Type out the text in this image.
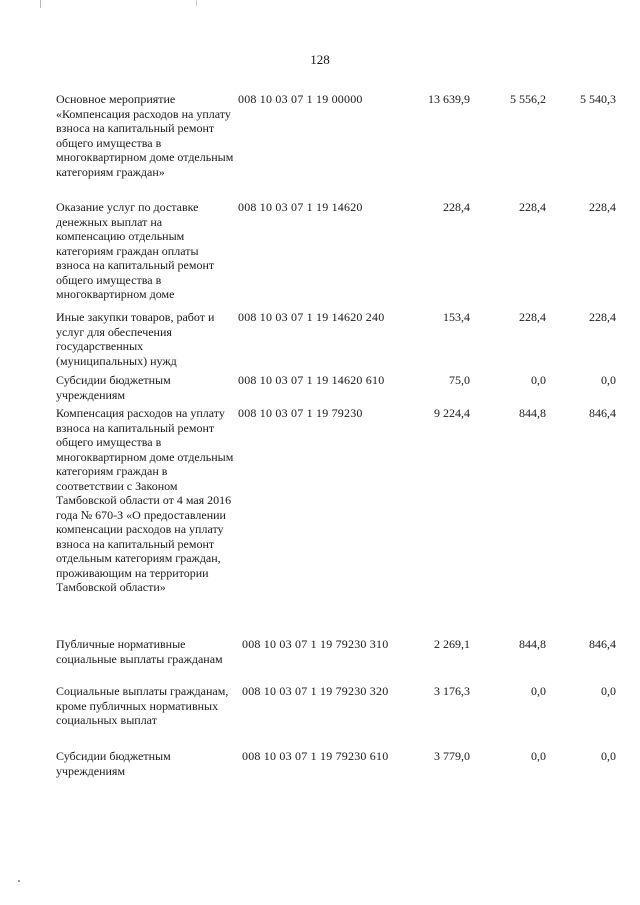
128
Основное мероприятие «Компенсация расходов на уплату взноса на капитальный ремонт общего имущества в многоквартирном доме отдельным категориям граждан»
008 10 03 07 1 19 00000	13 639,9	5 556,2	5 540,3
Оказание услуг по доставке денежных выплат на компенсацию отдельным категориям граждан оплаты взноса на капитальный ремонт общего имущества в многоквартирном доме
008 10 03 07 1 19 14620	228,4	228,4	228,4
Иные закупки товаров, работ и услуг для обеспечения государственных (муниципальных) нужд
008 10 03 07 1 19 14620 240	153,4	228,4	228,4
Субсидии бюджетным учреждениям
008 10 03 07 1 19 14620 610	75,0	0,0	0,0
Компенсация расходов на уплату взноса на капитальный ремонт общего имущества в многоквартирном доме отдельным категориям граждан в соответствии с Законом Тамбовской области от 4 мая 2016 года № 670-З «О предоставлении компенсации расходов на уплату взноса на капитальный ремонт отдельным категориям граждан, проживающим на территории Тамбовской области»
008 10 03 07 1 19 79230	9 224,4	844,8	846,4
Публичные нормативные социальные выплаты гражданам
008 10 03 07 1 19 79230 310	2 269,1	844,8	846,4
Социальные выплаты гражданам, кроме публичных нормативных социальных выплат
008 10 03 07 1 19 79230 320	3 176,3	0,0	0,0
Субсидии бюджетным учреждениям
008 10 03 07 1 19 79230 610	3 779,0	0,0	0,0
